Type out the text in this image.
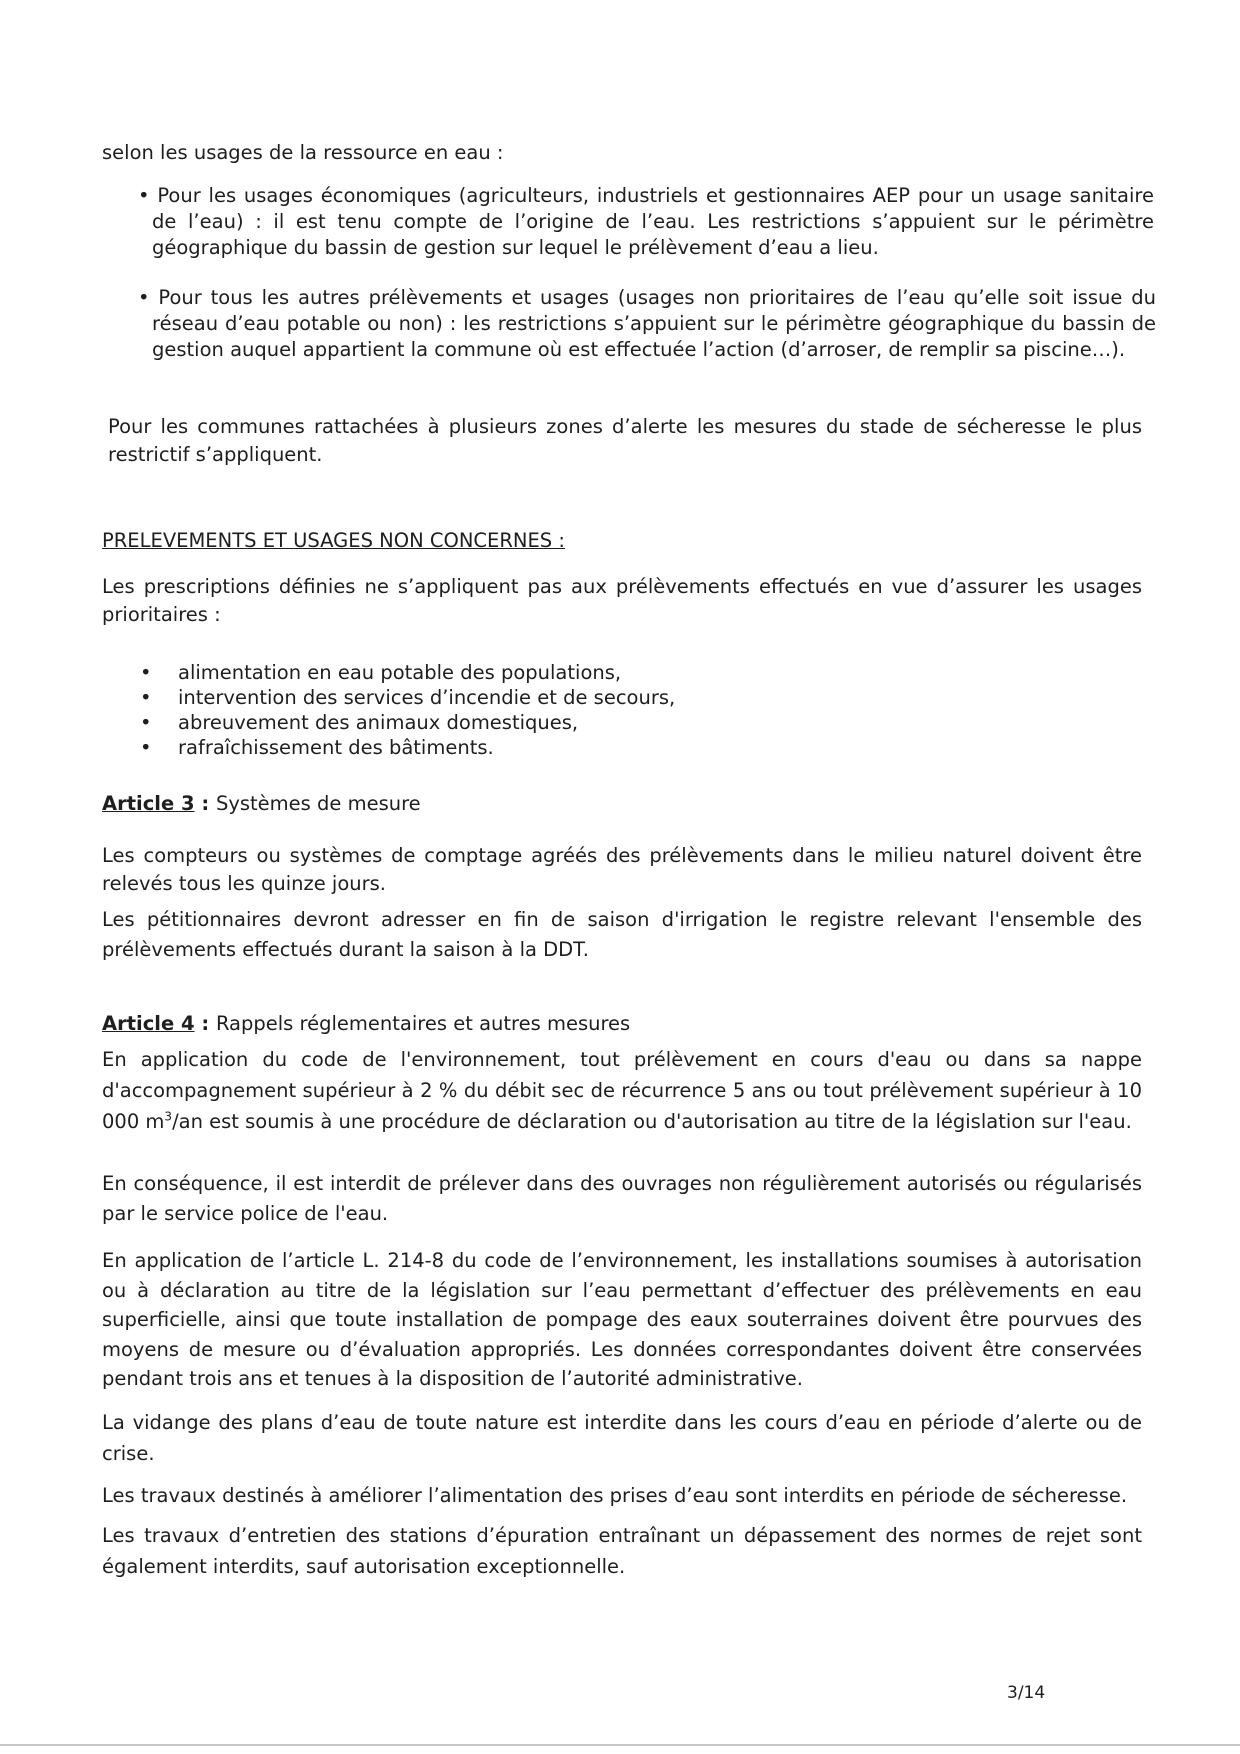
selon les usages de la ressource en eau :

• Pour les usages économiques (agriculteurs, industriels et gestionnaires AEP pour un usage sanitaire de l’eau) : il est tenu compte de l’origine de l’eau. Les restrictions s’appuient sur le périmètre géographique du bassin de gestion sur lequel le prélèvement d’eau a lieu.

• Pour tous les autres prélèvements et usages (usages non prioritaires de l’eau qu’elle soit issue du réseau d’eau potable ou non) : les restrictions s’appuient sur le périmètre géographique du bassin de gestion auquel appartient la commune où est effectuée l’action (d’arroser, de remplir sa piscine…).

Pour les communes rattachées à plusieurs zones d’alerte les mesures du stade de sécheresse le plus restrictif s’appliquent.

PRELEVEMENTS ET USAGES NON CONCERNES :

Les prescriptions définies ne s’appliquent pas aux prélèvements effectués en vue d’assurer les usages prioritaires :

• alimentation en eau potable des populations,
• intervention des services d’incendie et de secours,
• abreuvement des animaux domestiques,
• rafraîchissement des bâtiments.

Article 3 : Systèmes de mesure

Les compteurs ou systèmes de comptage agréés des prélèvements dans le milieu naturel doivent être relevés tous les quinze jours.

Les pétitionnaires devront adresser en fin de saison d'irrigation le registre relevant l'ensemble des prélèvements effectués durant la saison à la DDT.

Article 4 : Rappels réglementaires et autres mesures

En application du code de l'environnement, tout prélèvement en cours d'eau ou dans sa nappe d'accompagnement supérieur à 2 % du débit sec de récurrence 5 ans ou tout prélèvement supérieur à 10 000 $m^3/an$ est soumis à une procédure de déclaration ou d'autorisation au titre de la législation sur l'eau.

En conséquence, il est interdit de prélever dans des ouvrages non régulièrement autorisés ou régularisés par le service police de l'eau.

En application de l’article L. 214-8 du code de l’environnement, les installations soumises à autorisation ou à déclaration au titre de la législation sur l’eau permettant d’effectuer des prélèvements en eau superficielle, ainsi que toute installation de pompage des eaux souterraines doivent être pourvues des moyens de mesure ou d’évaluation appropriés. Les données correspondantes doivent être conservées pendant trois ans et tenues à la disposition de l’autorité administrative.

La vidange des plans d’eau de toute nature est interdite dans les cours d’eau en période d’alerte ou de crise.

Les travaux destinés à améliorer l’alimentation des prises d’eau sont interdits en période de sécheresse.

Les travaux d’entretien des stations d’épuration entraînant un dépassement des normes de rejet sont également interdits, sauf autorisation exceptionnelle.

3/14
